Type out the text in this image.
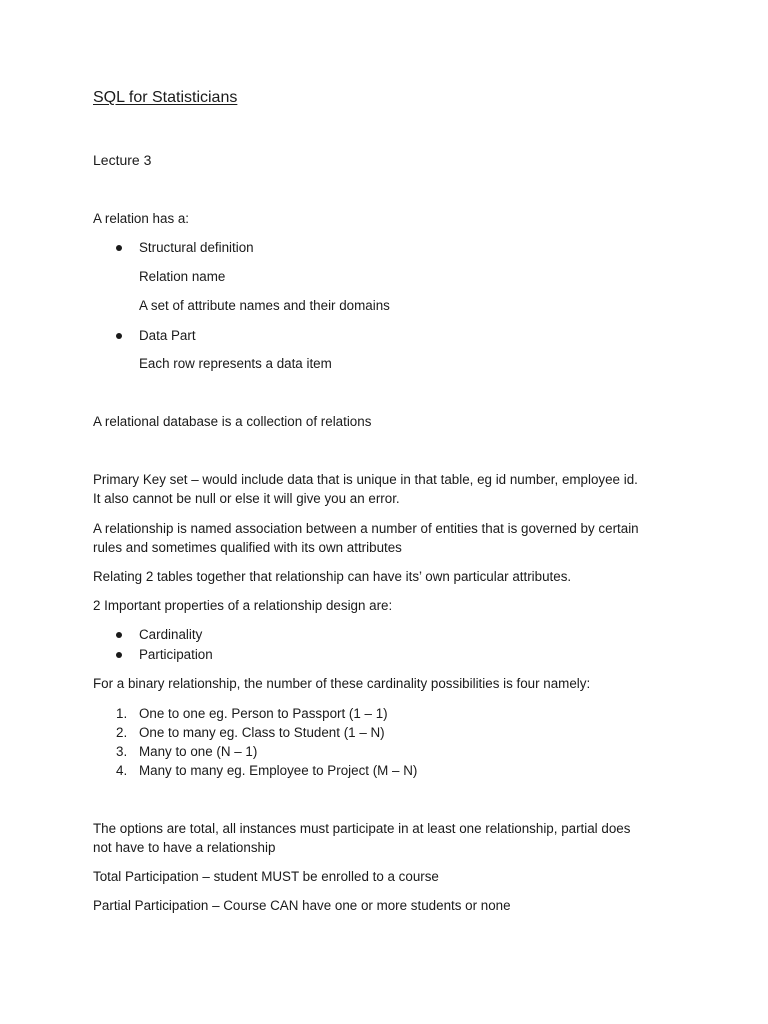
SQL for Statisticians
Lecture 3
A relation has a:
Structural definition
Relation name
A set of attribute names and their domains
Data Part
Each row represents a data item
A relational database is a collection of relations
Primary Key set – would include data that is unique in that table, eg id number, employee id.
It also cannot be null or else it will give you an error.
A relationship is named association between a number of entities that is governed by certain
rules and sometimes qualified with its own attributes
Relating 2 tables together that relationship can have its’ own particular attributes.
2 Important properties of a relationship design are:
Cardinality
Participation
For a binary relationship, the number of these cardinality possibilities is four namely:
1. One to one eg. Person to Passport (1 – 1)
2. One to many eg. Class to Student (1 – N)
3. Many to one (N – 1)
4. Many to many eg. Employee to Project (M – N)
The options are total, all instances must participate in at least one relationship, partial does
not have to have a relationship
Total Participation – student MUST be enrolled to a course
Partial Participation – Course CAN have one or more students or none
